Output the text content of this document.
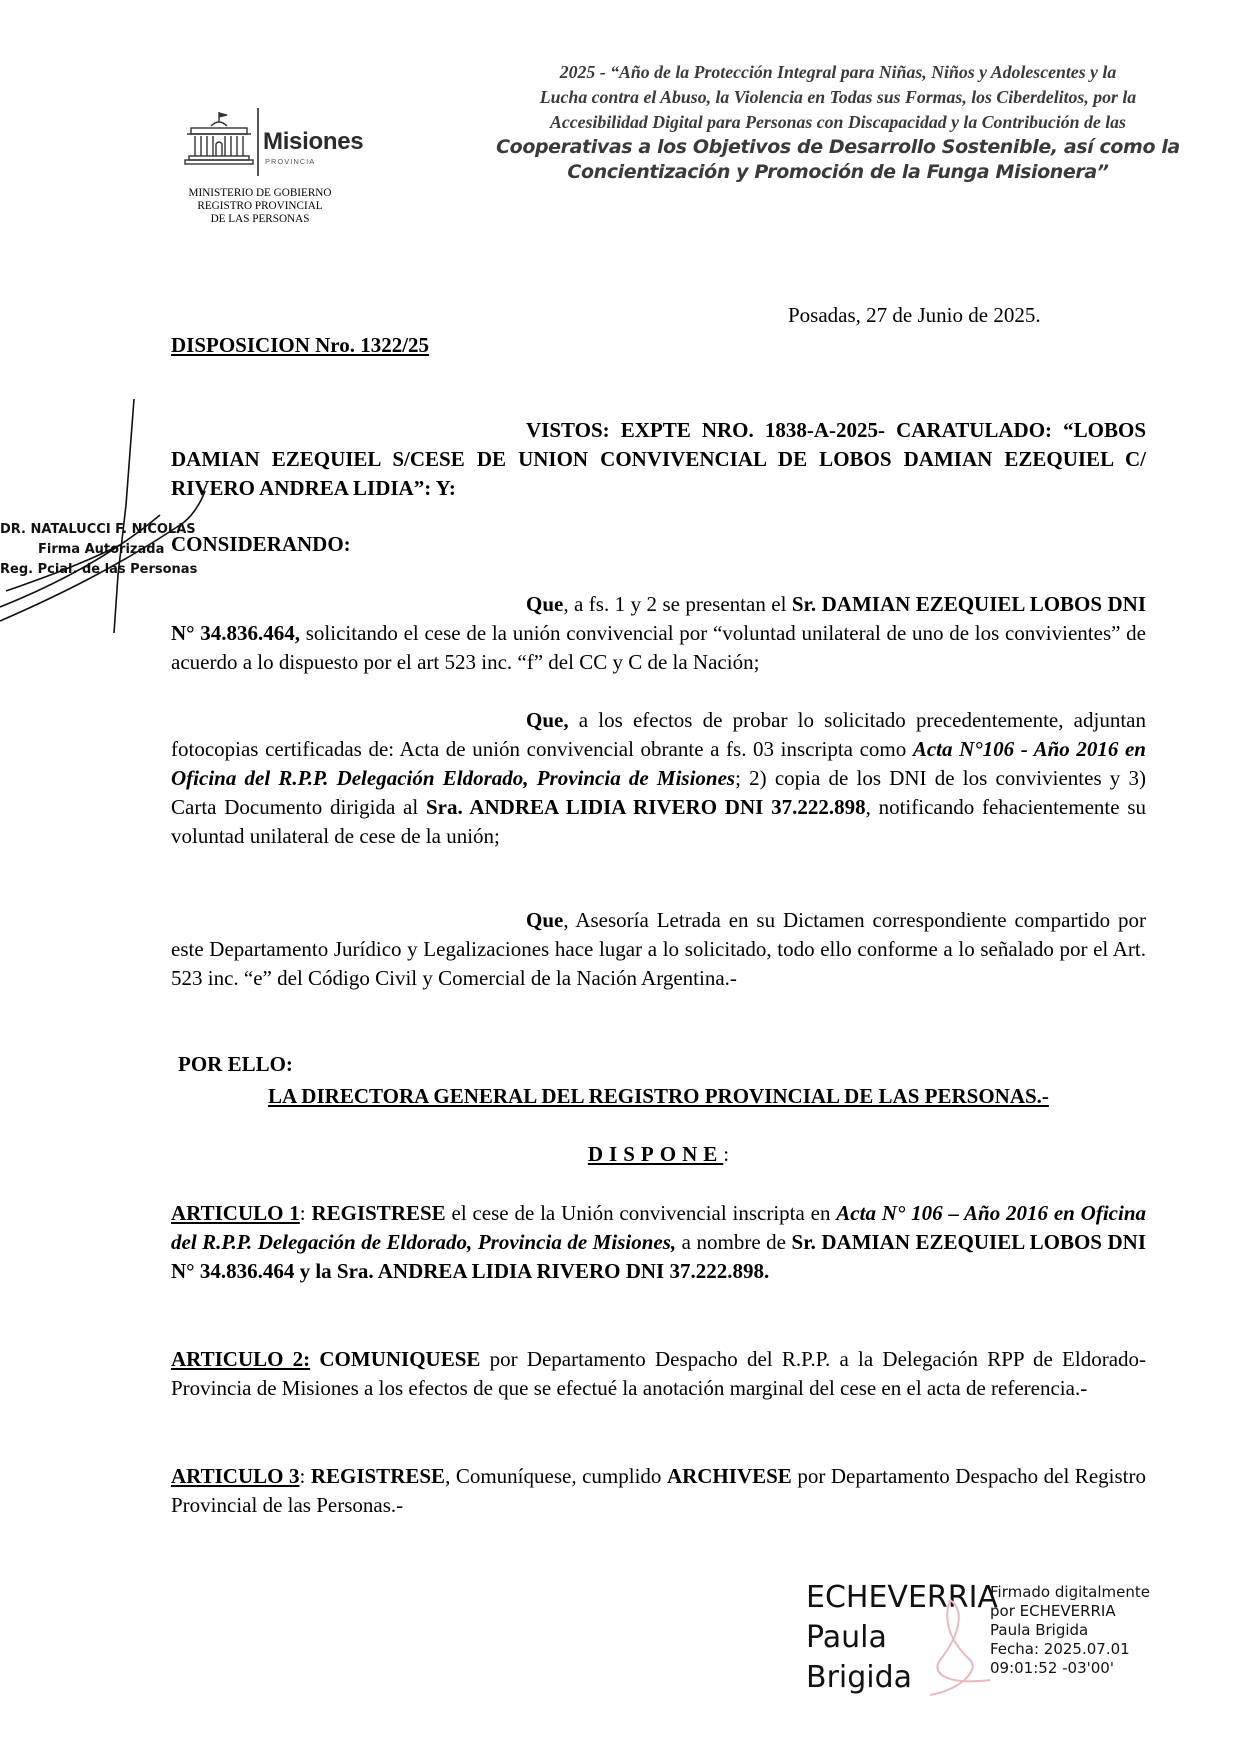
Misiones
PROVINCIA
MINISTERIO DE GOBIERNO
REGISTRO PROVINCIAL
DE LAS PERSONAS
2025 - “Año de la Protección Integral para Niñas, Niños y Adolescentes y la
Lucha contra el Abuso, la Violencia en Todas sus Formas, los Ciberdelitos, por la
Accesibilidad Digital para Personas con Discapacidad y la Contribución de las
Cooperativas a los Objetivos de Desarrollo Sostenible, así como la
Concientización y Promoción de la Funga Misionera”
Posadas, 27 de Junio de 2025.
DISPOSICION Nro. 1322/25
VISTOS: EXPTE NRO. 1838-A-2025- CARATULADO: “LOBOS DAMIAN EZEQUIEL S/CESE DE UNION CONVIVENCIAL DE LOBOS DAMIAN EZEQUIEL C/ RIVERO ANDREA LIDIA”: Y:
CONSIDERANDO:
Que, a fs. 1 y 2 se presentan el Sr. DAMIAN EZEQUIEL LOBOS DNI N° 34.836.464, solicitando el cese de la unión convivencial por “voluntad unilateral de uno de los convivientes” de acuerdo a lo dispuesto por el art 523 inc. “f” del CC y C de la Nación;
Que, a los efectos de probar lo solicitado precedentemente, adjuntan fotocopias certificadas de: Acta de unión convivencial obrante a fs. 03 inscripta como Acta N°106 - Año 2016 en Oficina del R.P.P. Delegación Eldorado, Provincia de Misiones; 2) copia de los DNI de los convivientes y 3) Carta Documento dirigida al Sra. ANDREA LIDIA RIVERO DNI 37.222.898, notificando fehacientemente su voluntad unilateral de cese de la unión;
Que, Asesoría Letrada en su Dictamen correspondiente compartido por este Departamento Jurídico y Legalizaciones hace lugar a lo solicitado, todo ello conforme a lo señalado por el Art. 523 inc. “e” del Código Civil y Comercial de la Nación Argentina.-
POR ELLO:
LA DIRECTORA GENERAL DEL REGISTRO PROVINCIAL DE LAS PERSONAS.-
DISPONE:
ARTICULO 1: REGISTRESE el cese de la Unión convivencial inscripta en Acta N° 106 – Año 2016 en Oficina del R.P.P. Delegación de Eldorado, Provincia de Misiones, a nombre de Sr. DAMIAN EZEQUIEL LOBOS DNI N° 34.836.464 y la Sra. ANDREA LIDIA RIVERO DNI 37.222.898.
ARTICULO 2: COMUNIQUESE por Departamento Despacho del R.P.P. a la Delegación RPP de Eldorado-Provincia de Misiones a los efectos de que se efectué la anotación marginal del cese en el acta de referencia.-
ARTICULO 3: REGISTRESE, Comuníquese, cumplido ARCHIVESE por Departamento Despacho del Registro Provincial de las Personas.-
DR. NATALUCCI F. NICOLAS
Firma Autorizada
Reg. Pcial. de las Personas
ECHEVERRIA
Paula
Brigida
Firmado digitalmente
por ECHEVERRIA
Paula Brigida
Fecha: 2025.07.01
09:01:52 -03'00'
